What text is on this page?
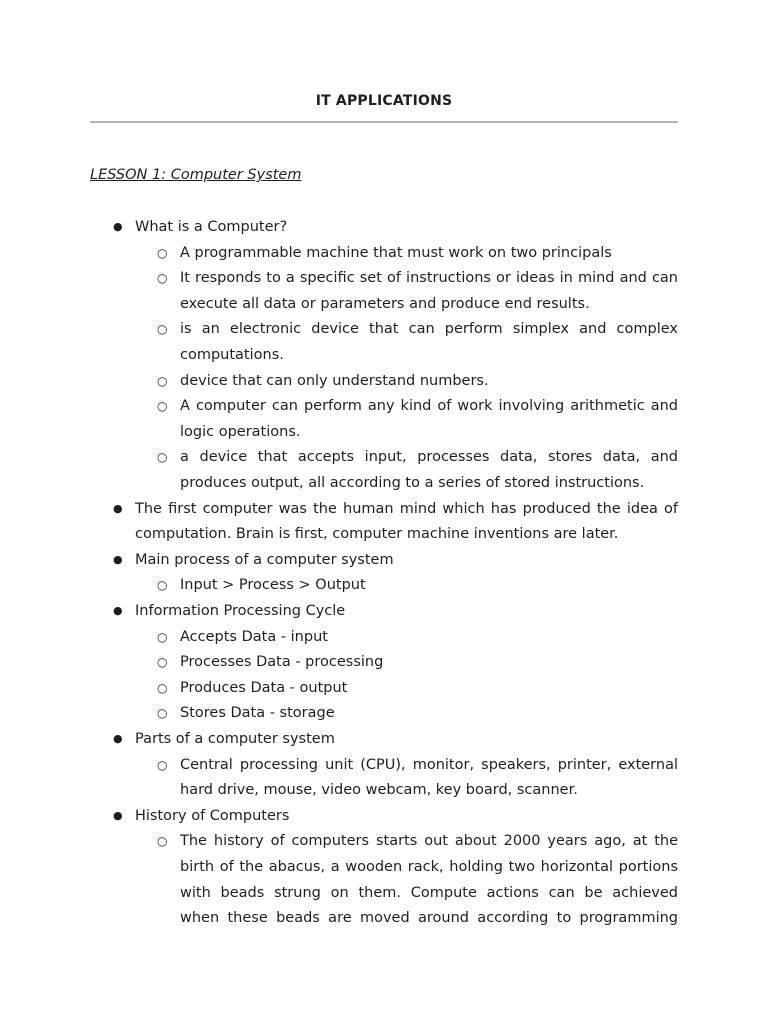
IT APPLICATIONS
LESSON 1: Computer System
● What is a Computer?
○ A programmable machine that must work on two principals
○ It responds to a specific set of instructions or ideas in mind and can
execute all data or parameters and produce end results.
○ is an electronic device that can perform simplex and complex
computations.
○ device that can only understand numbers.
○ A computer can perform any kind of work involving arithmetic and
logic operations.
○ a device that accepts input, processes data, stores data, and
produces output, all according to a series of stored instructions.
● The first computer was the human mind which has produced the idea of
computation. Brain is first, computer machine inventions are later.
● Main process of a computer system
○ Input > Process > Output
● Information Processing Cycle
○ Accepts Data - input
○ Processes Data - processing
○ Produces Data - output
○ Stores Data - storage
● Parts of a computer system
○ Central processing unit (CPU), monitor, speakers, printer, external
hard drive, mouse, video webcam, key board, scanner.
● History of Computers
○ The history of computers starts out about 2000 years ago, at the
birth of the abacus, a wooden rack, holding two horizontal portions
with beads strung on them. Compute actions can be achieved
when these beads are moved around according to programming
